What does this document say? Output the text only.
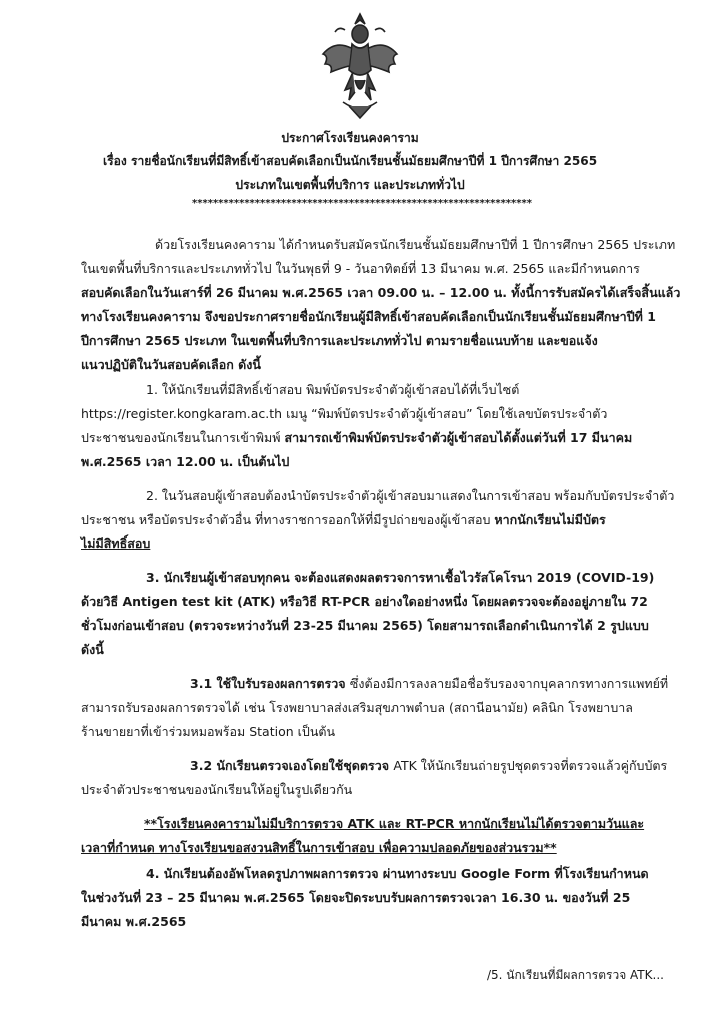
ประกาศโรงเรียนคงคาราม
เรื่อง รายชื่อนักเรียนที่มีสิทธิ์เข้าสอบคัดเลือกเป็นนักเรียนชั้นมัธยมศึกษาปีที่ 1 ปีการศึกษา 2565
ประเภทในเขตพื้นที่บริการ และประเภททั่วไป
*****************************************************************
ด้วยโรงเรียนคงคาราม ได้กำหนดรับสมัครนักเรียนชั้นมัธยมศึกษาปีที่ 1 ปีการศึกษา 2565 ประเภท
ในเขตพื้นที่บริการและประเภททั่วไป ในวันพุธที่ 9 - วันอาทิตย์ที่ 13 มีนาคม พ.ศ. 2565 และมีกำหนดการ
สอบคัดเลือกในวันเสาร์ที่ 26 มีนาคม พ.ศ.2565 เวลา 09.00 น. – 12.00 น. ทั้งนี้การรับสมัครได้เสร็จสิ้นแล้ว
ทางโรงเรียนคงคาราม จึงขอประกาศรายชื่อนักเรียนผู้มีสิทธิ์เข้าสอบคัดเลือกเป็นนักเรียนชั้นมัธยมศึกษาปีที่ 1
ปีการศึกษา 2565 ประเภท ในเขตพื้นที่บริการและประเภททั่วไป ตามรายชื่อแนบท้าย และขอแจ้ง
แนวปฏิบัติในวันสอบคัดเลือก ดังนี้
1. ให้นักเรียนที่มีสิทธิ์เข้าสอบ พิมพ์บัตรประจำตัวผู้เข้าสอบได้ที่เว็บไซต์
https://register.kongkaram.ac.th เมนู “พิมพ์บัตรประจำตัวผู้เข้าสอบ” โดยใช้เลขบัตรประจำตัว
ประชาชนของนักเรียนในการเข้าพิมพ์ สามารถเข้าพิมพ์บัตรประจำตัวผู้เข้าสอบได้ตั้งแต่วันที่ 17 มีนาคม
พ.ศ.2565 เวลา 12.00 น. เป็นต้นไป
2. ในวันสอบผู้เข้าสอบต้องนำบัตรประจำตัวผู้เข้าสอบมาแสดงในการเข้าสอบ พร้อมกับบัตรประจำตัว
ประชาชน หรือบัตรประจำตัวอื่น ที่ทางราชการออกให้ที่มีรูปถ่ายของผู้เข้าสอบ หากนักเรียนไม่มีบัตร
ไม่มีสิทธิ์สอบ
3. นักเรียนผู้เข้าสอบทุกคน จะต้องแสดงผลตรวจการหาเชื้อไวรัสโคโรนา 2019 (COVID-19)
ด้วยวิธี Antigen test kit (ATK) หรือวิธี RT-PCR อย่างใดอย่างหนึ่ง โดยผลตรวจจะต้องอยู่ภายใน 72
ชั่วโมงก่อนเข้าสอบ (ตรวจระหว่างวันที่ 23-25 มีนาคม 2565) โดยสามารถเลือกดำเนินการได้ 2 รูปแบบ
ดังนี้
3.1 ใช้ใบรับรองผลการตรวจ ซึ่งต้องมีการลงลายมือชื่อรับรองจากบุคลากรทางการแพทย์ที่
สามารถรับรองผลการตรวจได้ เช่น โรงพยาบาลส่งเสริมสุขภาพตำบล (สถานีอนามัย) คลินิก โรงพยาบาล
ร้านขายยาที่เข้าร่วมหมอพร้อม Station เป็นต้น
3.2 นักเรียนตรวจเองโดยใช้ชุดตรวจ ATK ให้นักเรียนถ่ายรูปชุดตรวจที่ตรวจแล้วคู่กับบัตร
ประจำตัวประชาชนของนักเรียนให้อยู่ในรูปเดียวกัน
**โรงเรียนคงคารามไม่มีบริการตรวจ ATK และ RT-PCR หากนักเรียนไม่ได้ตรวจตามวันและ
เวลาที่กำหนด ทางโรงเรียนขอสงวนสิทธิ์ในการเข้าสอบ เพื่อความปลอดภัยของส่วนรวม**
4. นักเรียนต้องอัพโหลดรูปภาพผลการตรวจ ผ่านทางระบบ Google Form ที่โรงเรียนกำหนด
ในช่วงวันที่ 23 – 25 มีนาคม พ.ศ.2565 โดยจะปิดระบบรับผลการตรวจเวลา 16.30 น. ของวันที่ 25
มีนาคม พ.ศ.2565
/5. นักเรียนที่มีผลการตรวจ ATK...
